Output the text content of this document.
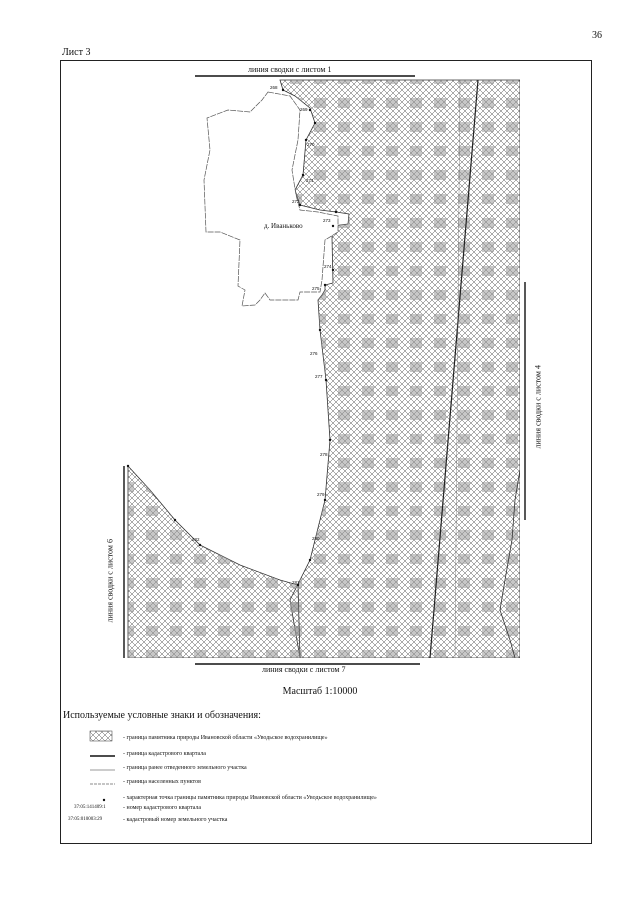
36
Лист 3
268
269
270
271
272
273
274
275
276
277
278
279
280
281
282
линия сводки с листом 1
линия сводки с листом 7
линия сводки с листом 4
линия сводки с листом 6
д. Иваньково
Масштаб 1:10000
Используемые условные знаки и обозначения:
- граница памятника природы Ивановской области «Уводьское водохранилище»
- граница кадастрового квартала
- граница ранее отведенного земельного участка
- граница населенных пунктов
- характерная точка границы памятника природы Ивановской области «Уводьское водохранилище»
37:05:141409:1	- номер кадастрового квартала
37:05:010003:29	- кадастровый номер земельного участка
